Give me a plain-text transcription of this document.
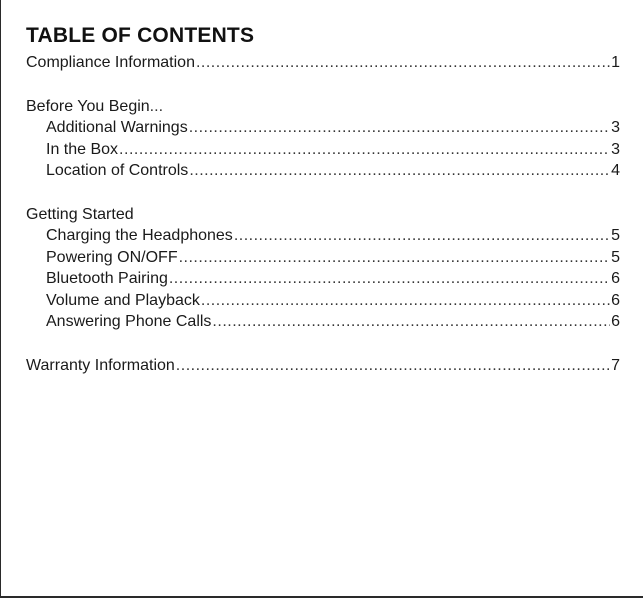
TABLE OF CONTENTS
Compliance Information .....	1
Before You Begin...
Additional Warnings .....	3
In the Box .....	3
Location of Controls .....	4
Getting Started
Charging the Headphones .....	5
Powering ON/OFF .....	5
Bluetooth Pairing .....	6
Volume and Playback .....	6
Answering Phone Calls .....	6
Warranty Information .....	7
